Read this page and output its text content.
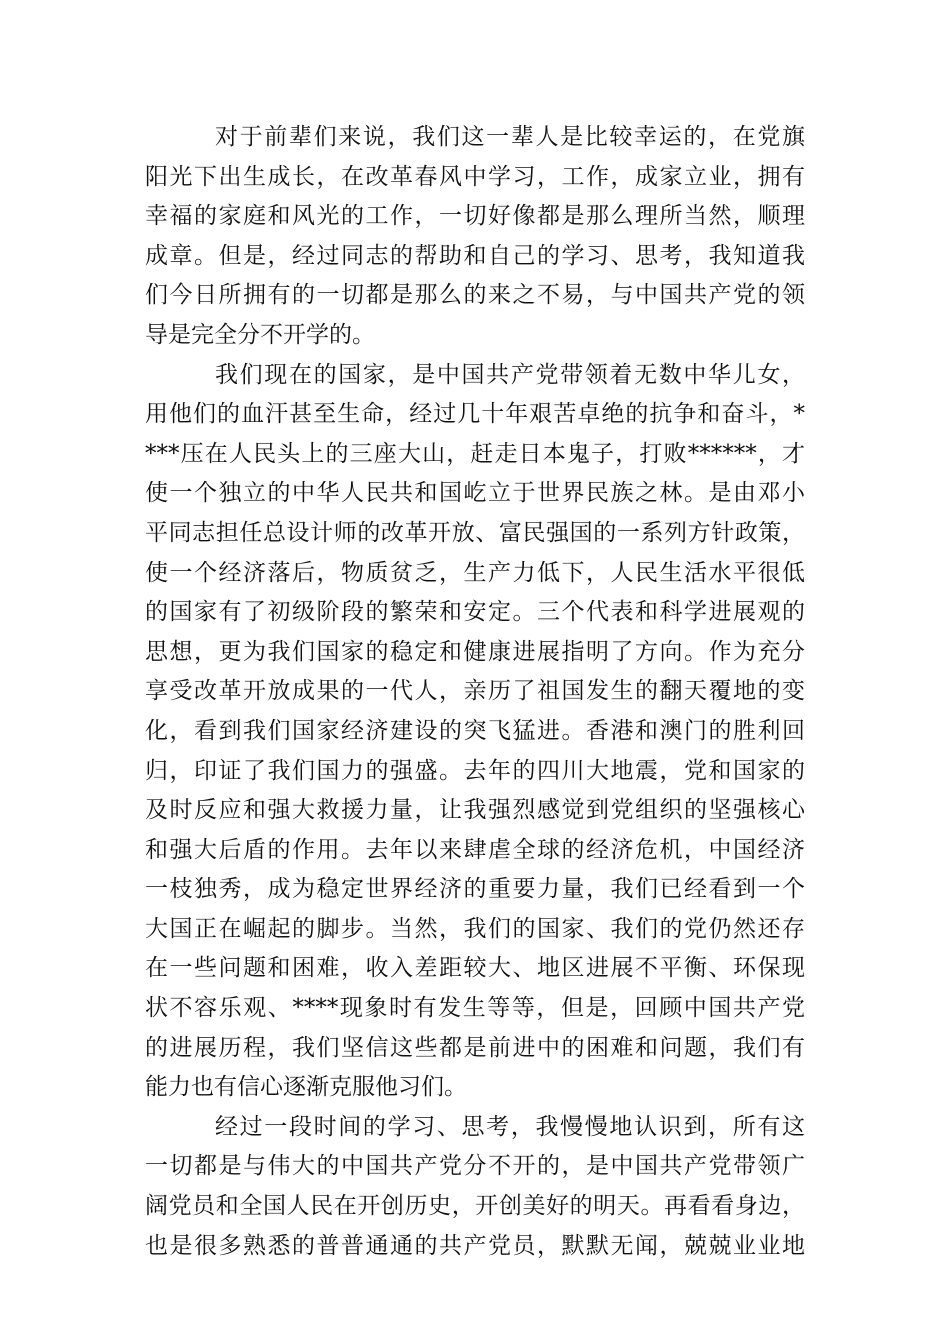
对于前辈们来说，我们这一辈人是比较幸运的，在党旗
阳光下出生成长，在改革春风中学习，工作，成家立业，拥有
幸福的家庭和风光的工作，一切好像都是那么理所当然，顺理
成章。但是，经过同志的帮助和自己的学习、思考，我知道我
们今日所拥有的一切都是那么的来之不易，与中国共产党的领
导是完全分不开学的。
我们现在的国家，是中国共产党带领着无数中华儿女，
用他们的血汗甚至生命，经过几十年艰苦卓绝的抗争和奋斗，*
***压在人民头上的三座大山，赶走日本鬼子，打败******，才
使一个独立的中华人民共和国屹立于世界民族之林。是由邓小
平同志担任总设计师的改革开放、富民强国的一系列方针政策，
使一个经济落后，物质贫乏，生产力低下，人民生活水平很低
的国家有了初级阶段的繁荣和安定。三个代表和科学进展观的
思想，更为我们国家的稳定和健康进展指明了方向。作为充分
享受改革开放成果的一代人，亲历了祖国发生的翻天覆地的变
化，看到我们国家经济建设的突飞猛进。香港和澳门的胜利回
归，印证了我们国力的强盛。去年的四川大地震，党和国家的
及时反应和强大救援力量，让我强烈感觉到党组织的坚强核心
和强大后盾的作用。去年以来肆虐全球的经济危机，中国经济
一枝独秀，成为稳定世界经济的重要力量，我们已经看到一个
大国正在崛起的脚步。当然，我们的国家、我们的党仍然还存
在一些问题和困难，收入差距较大、地区进展不平衡、环保现
状不容乐观、****现象时有发生等等，但是，回顾中国共产党
的进展历程，我们坚信这些都是前进中的困难和问题，我们有
能力也有信心逐渐克服他习们。
经过一段时间的学习、思考，我慢慢地认识到，所有这
一切都是与伟大的中国共产党分不开的，是中国共产党带领广
阔党员和全国人民在开创历史，开创美好的明天。再看看身边，
也是很多熟悉的普普通通的共产党员，默默无闻，兢兢业业地
